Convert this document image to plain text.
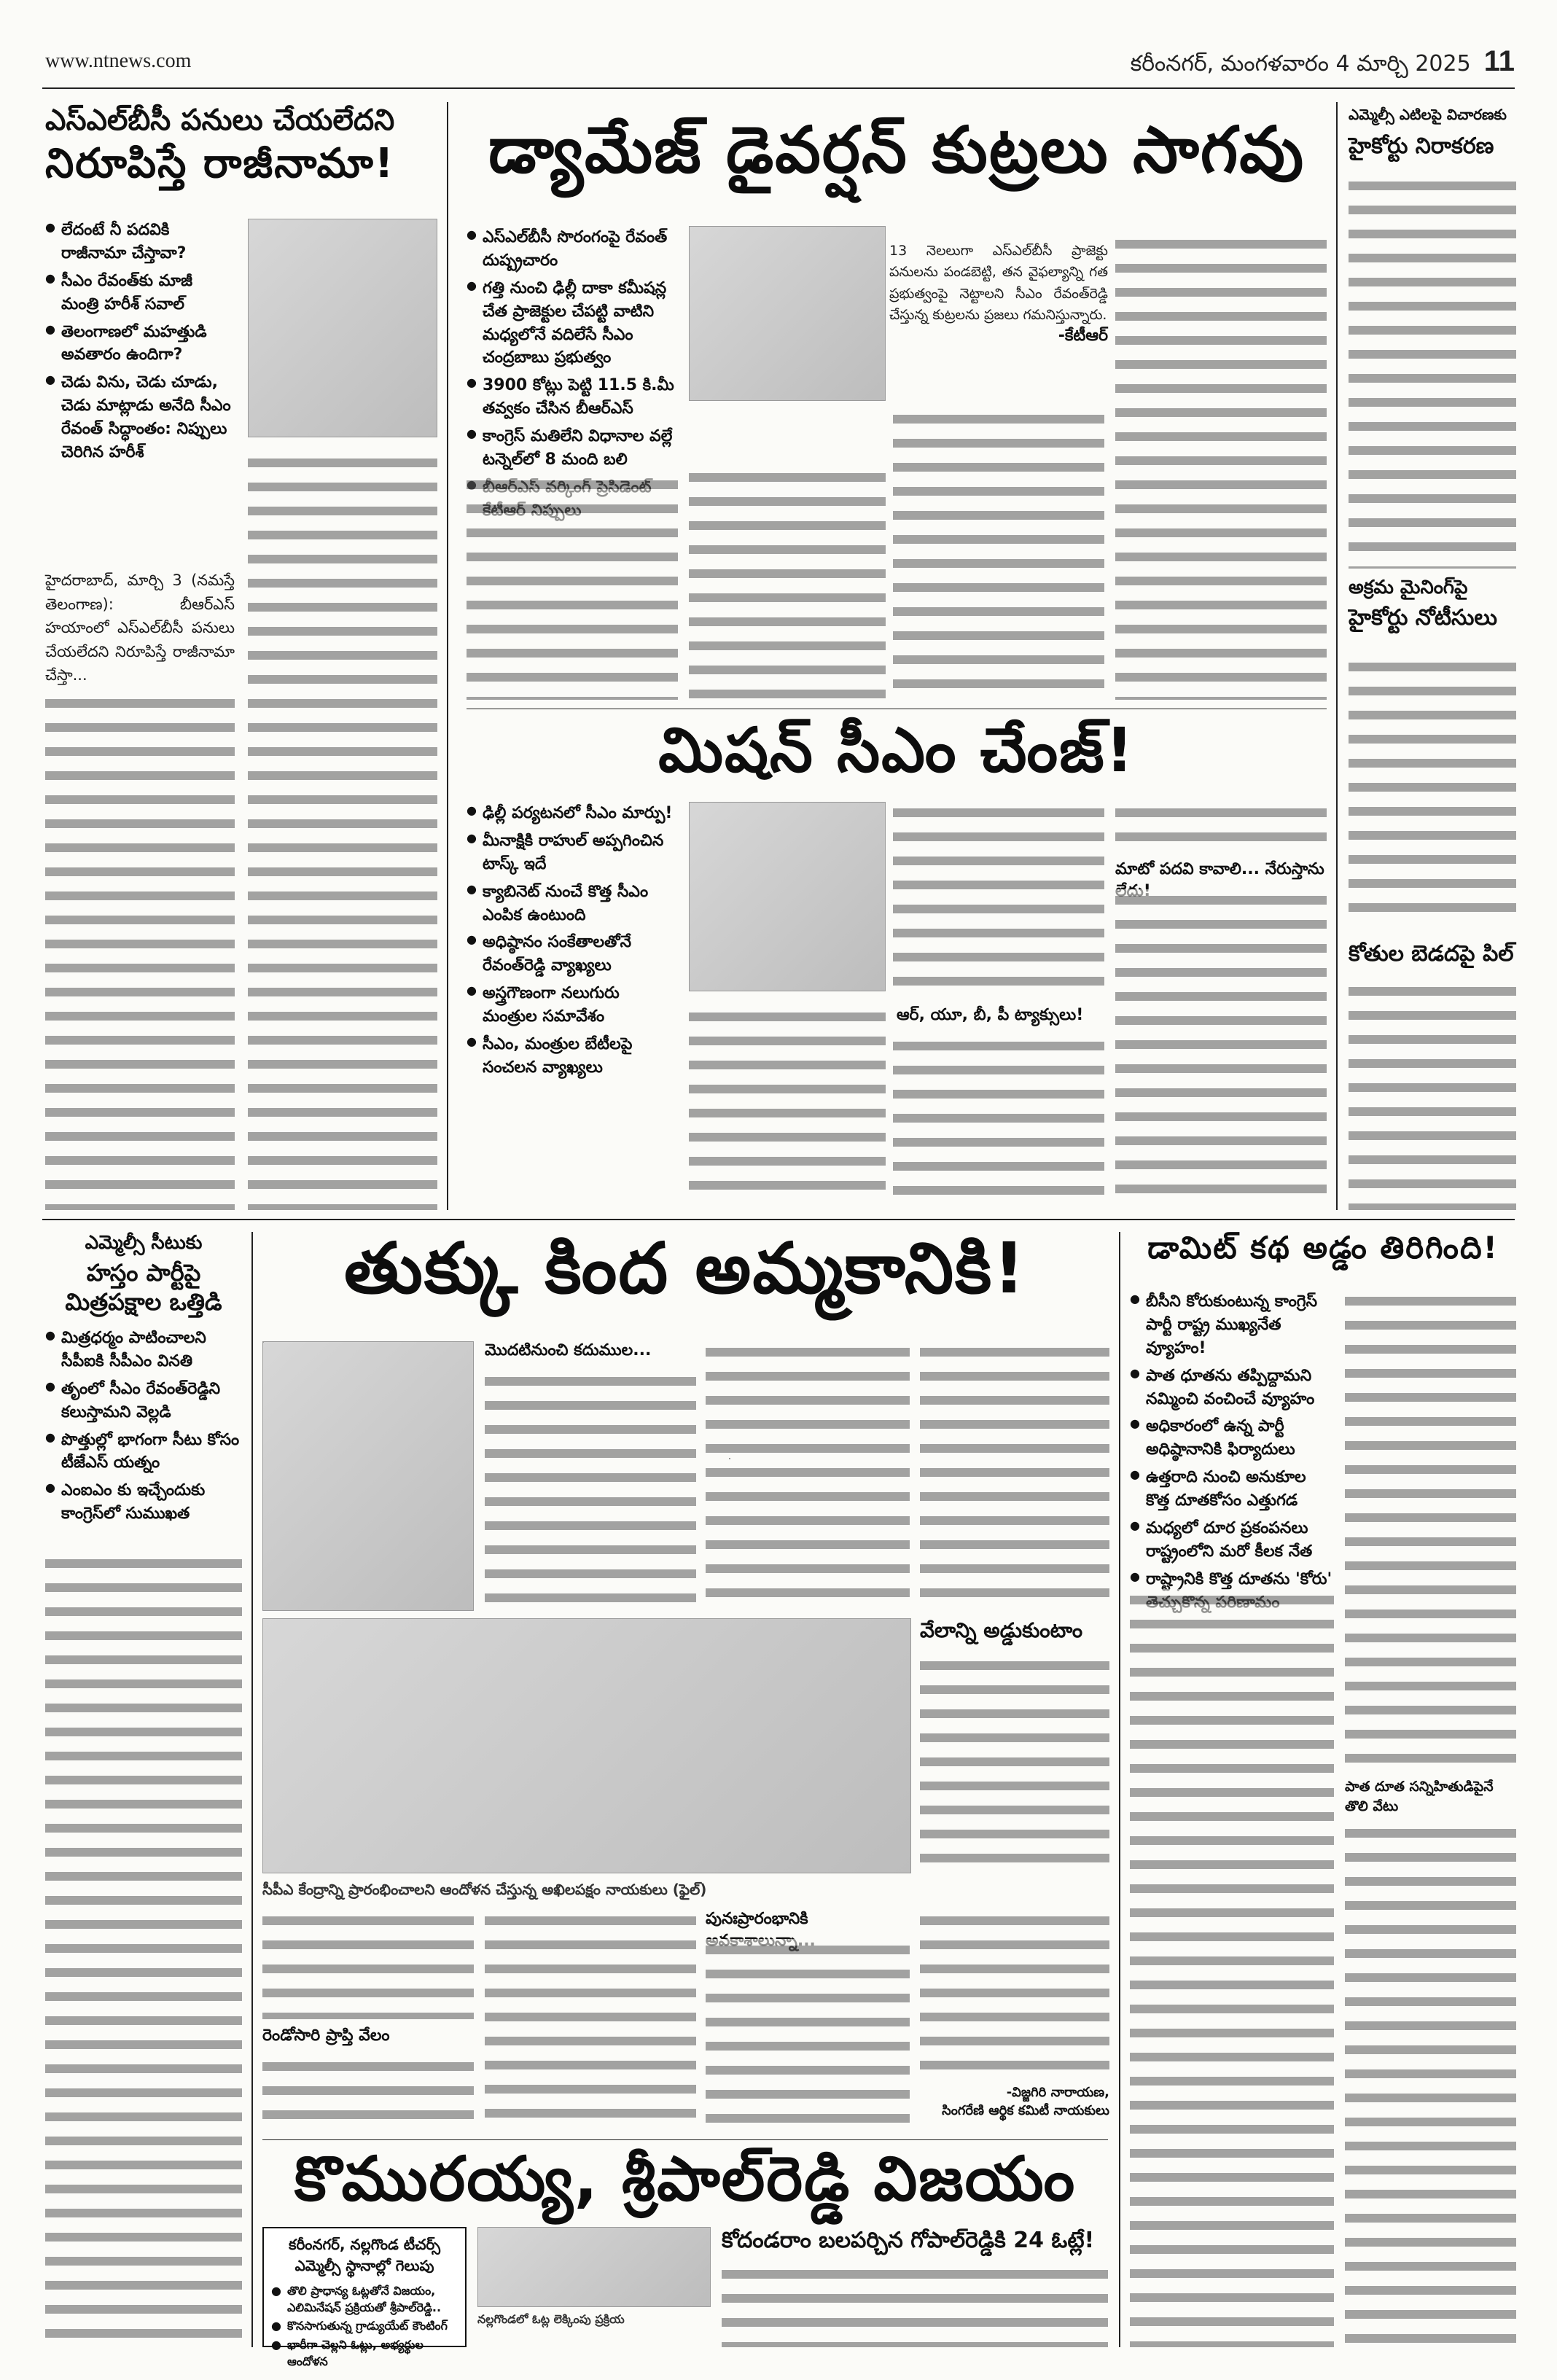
www.ntnews.com	కరీంనగర్, మంగళవారం 4 మార్చి 2025 11
ఎస్ఎల్‌బీసీ పనులు చేయలేదని
నిరూపిస్తే రాజీనామా!
● లేదంటే నీ పదవికి రాజీనామా చేస్తావా?
● సీఎం రేవంత్‌కు మాజీ మంత్రి హరీశ్‌ సవాల్
● తెలంగాణలో మహత్తుడి అవతారం ఉందిగా?
● చెడు విను, చెడు చూడు, చెడు మాట్లాడు అనేది సీఎం రేవంత్ సిద్ధాంతం: నిప్పులు చెరిగిన హరీశ్
హైదరాబాద్, మార్చి 3 (నమస్తే తెలంగాణ): బీఆర్‌ఎస్ హయాంలో ఎస్ఎల్‌బీసీ పనులు చేయలేదని నిరూపిస్తే రాజీనామా చేస్తా...
డ్యామేజ్ డైవర్షన్ కుట్రలు సాగవు
● ఎస్ఎల్‌బీసీ సొరంగంపై రేవంత్ దుష్ప్రచారం
● గత్తి నుంచి ఢిల్లీ దాకా కమీషన్ల చేత ప్రాజెక్టుల చేపట్టి వాటిని మధ్యలోనే వదిలేసే సీఎం చంద్రబాబు ప్రభుత్వం
● 3900 కోట్లు పెట్టి 11.5 కి.మీ తవ్వకం చేసిన బీఆర్ఎస్
● కాంగ్రెస్ మతిలేని విధానాల వల్లే టన్నెల్‌లో 8 మంది బలి
●
13 నెలలుగా ఎస్ఎల్‌బీసీ ప్రాజెక్టు పనులను పండబెట్టి, తన వైఫల్యాన్ని గత ప్రభుత్వంపై నెట్టాలని సీఎం రేవంత్‌రెడ్డి చేస్తున్న కుట్రలను ప్రజలు గమనిస్తున్నారు.
-కేటీఆర్
మిషన్ సీఎం చేంజ్!
● ఢిల్లీ పర్యటనలో సీఎం మార్పు!
● మీనాక్షికి రాహుల్ అప్పగించిన టాస్క్ ఇదే
● క్యాబినెట్ నుంచే కొత్త సీఎం ఎంపిక ఉంటుంది
● అధిష్ఠానం సంకేతాలతోనే రేవంత్‌రెడ్డి వ్యాఖ్యలు
● అస్త్రగౌణంగా నలుగురు మంత్రుల సమావేశం
● సీఎం, మంత్రుల బేటీలపై సంచలన వ్యాఖ్యలు
ఆర్, యూ, బీ, పీ ట్యాక్సులు!
మాటో పదవి కావాలి... నేరుస్తాను
ఎమ్మెల్సీ ఎటిలపై విచారణకు
హైకోర్టు నిరాకరణ
అక్రమ మైనింగ్‌పై
హైకోర్టు నోటీసులు
కోతుల బెడదపై పిల్
ఎమ్మెల్సీ సీటుకు
హస్తం పార్టీపై
మిత్రపక్షాల ఒత్తిడి
● మిత్రధర్మం పాటించాలని సీపీఐకి సీపీఎం వినతి
● తృంలో సీఎం రేవంత్‌రెడ్డిని కలుస్తామని వెల్లడి
● పొత్తుల్లో భాగంగా సీటు కోసం టీజేఎస్ యత్నం
● ఎంఐఎం కు ఇచ్చేందుకు కాంగ్రెస్‌లో సుముఖత
తుక్కు కింద అమ్మకానికి!
మొదటినుంచి కదుముల...
వేలాన్ని అడ్డుకుంటాం
సీపీఎ కేంద్రాన్ని ప్రారంభించాలని ఆందోళన చేస్తున్న అఖిలపక్షం నాయకులు (ఫైల్)
రెండోసారి ప్రాప్తి వేలం
పునఃప్రారంభానికి
-విజ్జగిరి నారాయణ,
సింగరేణి ఆర్థిక కమిటీ నాయకులు
కొమురయ్య, శ్రీపాల్‌రెడ్డి విజయం
కరీంనగర్, నల్లగొండ టీచర్స్
ఎమ్మెల్సీ స్థానాల్లో గెలుపు
● తొలి ప్రాధాన్య ఓట్లతోనే విజయం, ఎలిమినేషన్ ప్రక్రియతో శ్రీపాల్‌రెడ్డి..
● కొనసాగుతున్న గ్రాడ్యుయేట్ కౌంటింగ్
● భారీగా చెల్లని ఓట్లు, అభ్యర్థుల ఆందోళన
నల్లగొండలో ఓట్ల లెక్కింపు ప్రక్రియ
కోదండరాం బలపర్చిన గోపాల్‌రెడ్డికి 24 ఓట్లే!
డామిట్ కథ అడ్డం తిరిగింది!
● బీసీని కోరుకుంటున్న కాంగ్రెస్ పార్టీ రాష్ట్ర ముఖ్యనేత వ్యూహం!
● పాత ధూతను తప్పిద్దామని నమ్మించి వంచించే వ్యూహం
● అధికారంలో ఉన్న పార్టీ అధిష్ఠానానికి ఫిర్యాదులు
● ఉత్తరాది నుంచి అనుకూల కొత్త దూతకోసం ఎత్తుగడ
● మధ్యలో దూర ప్రకంపనలు రాష్ట్రంలోని మరో కీలక నేత
● రాష్ట్రానికి కొత్త దూతను 'కోరు'
పాత దూత సన్నిహితుడిపైనే తొలి వేటు
